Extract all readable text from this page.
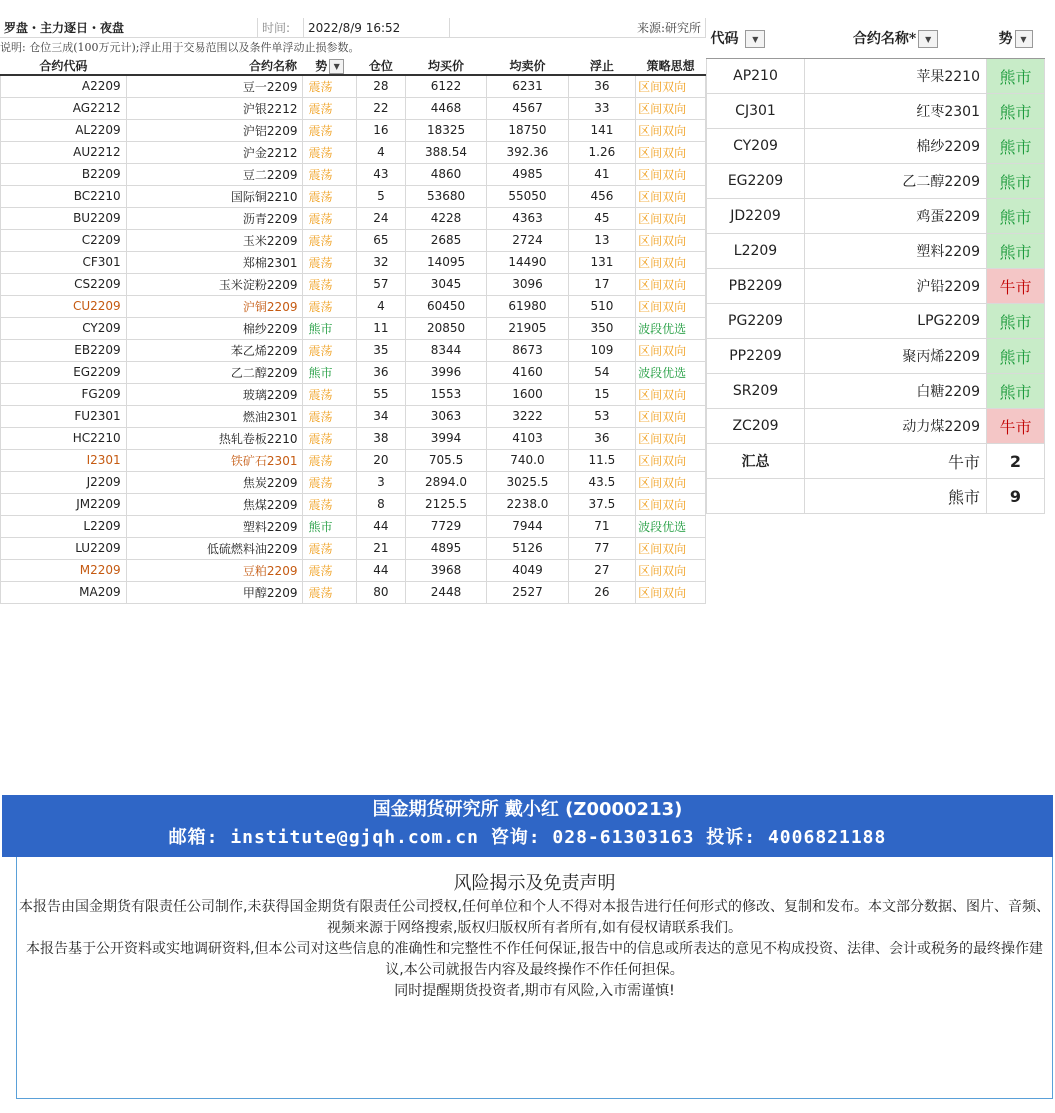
罗盘・主力逐日・夜盘	时间:	2022/8/9 16:52	来源:研究所
说明: 仓位三成(100万元计);浮止用于交易范围以及条件单浮动止损参数。
合约代码	合约名称	势 ▼	仓位	均买价	均卖价	浮止	策略思想
A2209	豆一2209	震荡	28	6122	6231	36	区间双向
AG2212	沪银2212	震荡	22	4468	4567	33	区间双向
AL2209	沪铝2209	震荡	16	18325	18750	141	区间双向
AU2212	沪金2212	震荡	4	388.54	392.36	1.26	区间双向
B2209	豆二2209	震荡	43	4860	4985	41	区间双向
BC2210	国际铜2210	震荡	5	53680	55050	456	区间双向
BU2209	沥青2209	震荡	24	4228	4363	45	区间双向
C2209	玉米2209	震荡	65	2685	2724	13	区间双向
CF301	郑棉2301	震荡	32	14095	14490	131	区间双向
CS2209	玉米淀粉2209	震荡	57	3045	3096	17	区间双向
CU2209	沪铜2209	震荡	4	60450	61980	510	区间双向
CY209	棉纱2209	熊市	11	20850	21905	350	波段优选
EB2209	苯乙烯2209	震荡	35	8344	8673	109	区间双向
EG2209	乙二醇2209	熊市	36	3996	4160	54	波段优选
FG209	玻璃2209	震荡	55	1553	1600	15	区间双向
FU2301	燃油2301	震荡	34	3063	3222	53	区间双向
HC2210	热轧卷板2210	震荡	38	3994	4103	36	区间双向
I2301	铁矿石2301	震荡	20	705.5	740.0	11.5	区间双向
J2209	焦炭2209	震荡	3	2894.0	3025.5	43.5	区间双向
JM2209	焦煤2209	震荡	8	2125.5	2238.0	37.5	区间双向
L2209	塑料2209	熊市	44	7729	7944	71	波段优选
LU2209	低硫燃料油2209	震荡	21	4895	5126	77	区间双向
M2209	豆粕2209	震荡	44	3968	4049	27	区间双向
MA209	甲醇2209	震荡	80	2448	2527	26	区间双向
代码 ▼	合约名称* ▼	势 ▼
AP210	苹果2210	熊市
CJ301	红枣2301	熊市
CY209	棉纱2209	熊市
EG2209	乙二醇2209	熊市
JD2209	鸡蛋2209	熊市
L2209	塑料2209	熊市
PB2209	沪铅2209	牛市
PG2209	LPG2209	熊市
PP2209	聚丙烯2209	熊市
SR209	白糖2209	熊市
ZC209	动力煤2209	牛市
汇总	牛市	2
	熊市	9
国金期货研究所 戴小红 (Z0000213)
邮箱: institute@gjqh.com.cn 咨询: 028-61303163 投诉: 4006821188
风险揭示及免责声明

本报告由国金期货有限责任公司制作,未获得国金期货有限责任公司授权,任何单位和个人不得对本报告进行任何形式的修改、复制和发布。本文部分数据、图片、音频、视频来源于网络搜索,版权归版权所有者所有,如有侵权请联系我们。

本报告基于公开资料或实地调研资料,但本公司对这些信息的准确性和完整性不作任何保证,报告中的信息或所表达的意见不构成投资、法律、会计或税务的最终操作建议,本公司就报告内容及最终操作不作任何担保。

同时提醒期货投资者,期市有风险,入市需谨慎!
